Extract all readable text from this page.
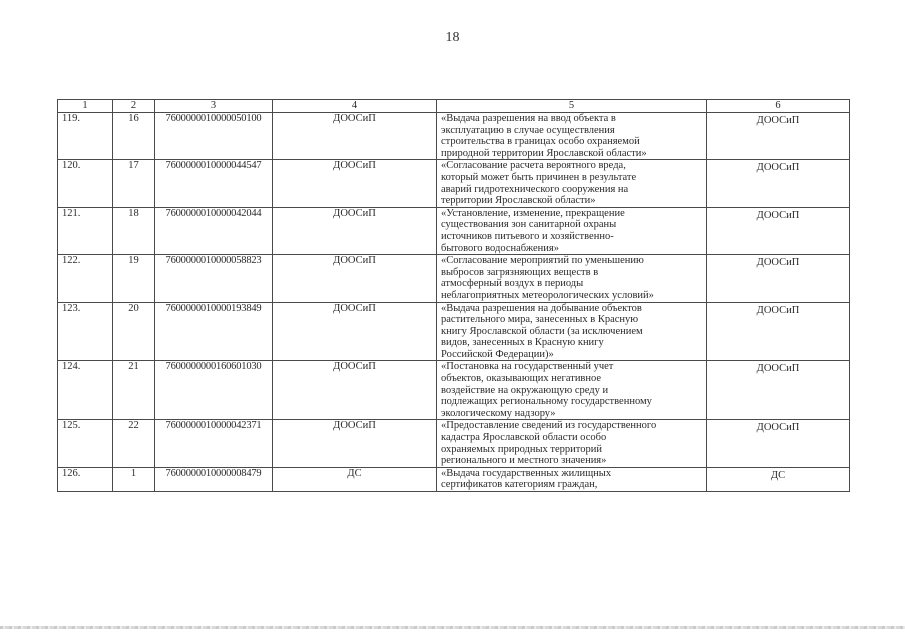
18
1	2	3	4	5	6
119.	16	7600000010000050100	ДООСиП	«Выдача разрешения на ввод объекта в
эксплуатацию в случае осуществления
строительства в границах особо охраняемой
природной территории Ярославской области»	ДООСиП
120.	17	7600000010000044547	ДООСиП	«Согласование расчета вероятного вреда,
который может быть причинен в результате
аварий гидротехнического сооружения на
территории Ярославской области»	ДООСиП
121.	18	7600000010000042044	ДООСиП	«Установление, изменение, прекращение
существования зон санитарной охраны
источников питьевого и хозяйственно-
бытового водоснабжения»	ДООСиП
122.	19	7600000010000058823	ДООСиП	«Согласование мероприятий по уменьшению
выбросов загрязняющих веществ в
атмосферный воздух в периоды
неблагоприятных метеорологических условий»	ДООСиП
123.	20	7600000010000193849	ДООСиП	«Выдача разрешения на добывание объектов
растительного мира, занесенных в Красную
книгу Ярославской области (за исключением
видов, занесенных в Красную книгу
Российской Федерации)»	ДООСиП
124.	21	7600000000160601030	ДООСиП	«Постановка на государственный учет
объектов, оказывающих негативное
воздействие на окружающую среду и
подлежащих региональному государственному
экологическому надзору»	ДООСиП
125.	22	7600000010000042371	ДООСиП	«Предоставление сведений из государственного
кадастра Ярославской области особо
охраняемых природных территорий
регионального и местного значения»	ДООСиП
126.	1	7600000010000008479	ДС	«Выдача государственных жилищных
сертификатов категориям граждан,	ДС
